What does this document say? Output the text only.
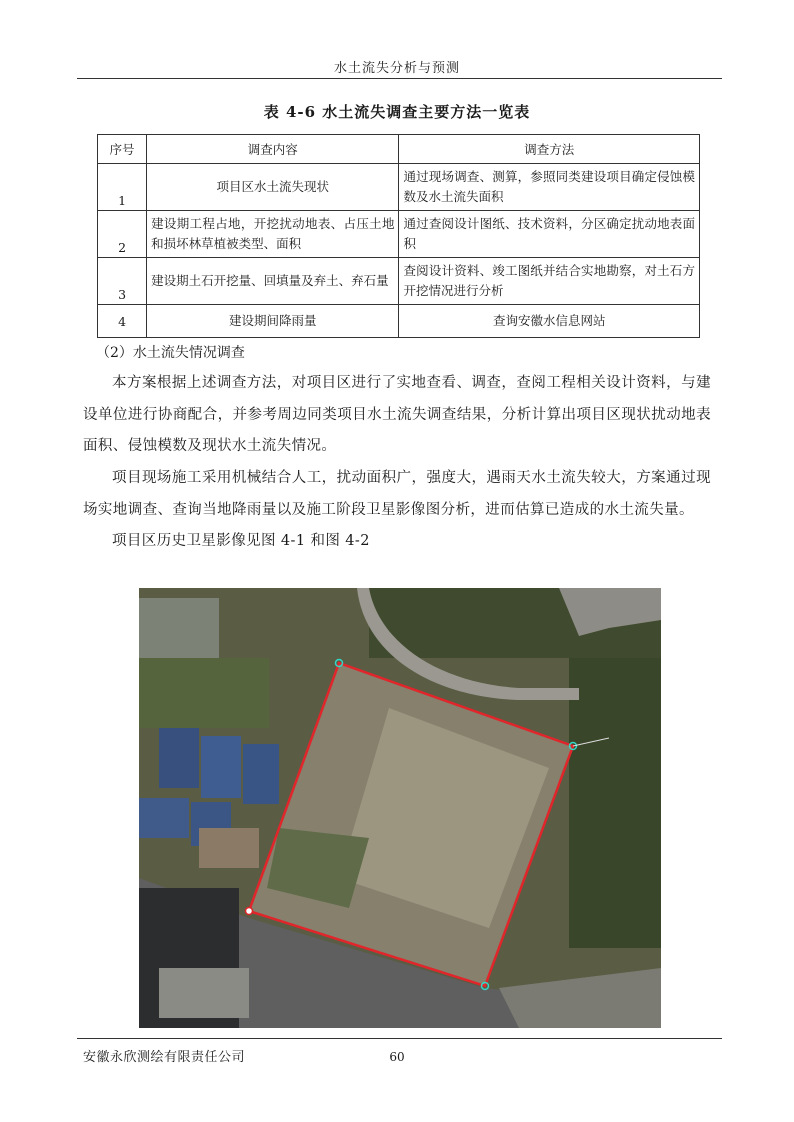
水土流失分析与预测
表 4-6 水土流失调查主要方法一览表
序号	调查内容	调查方法
1	项目区水土流失现状	通过现场调查、测算，参照同类建设项目确定侵蚀模数及水土流失面积
2	建设期工程占地，开挖扰动地表、占压土地和损坏林草植被类型、面积	通过查阅设计图纸、技术资料，分区确定扰动地表面积
3	建设期土石开挖量、回填量及弃土、弃石量	查阅设计资料、竣工图纸并结合实地勘察，对土石方开挖情况进行分析
4	建设期间降雨量	查询安徽水信息网站
（2）水土流失情况调查

本方案根据上述调查方法，对项目区进行了实地查看、调查，查阅工程相关设计资料，与建设单位进行协商配合，并参考周边同类项目水土流失调查结果，分析计算出项目区现状扰动地表面积、侵蚀模数及现状水土流失情况。

项目现场施工采用机械结合人工，扰动面积广，强度大，遇雨天水土流失较大，方案通过现场实地调查、查询当地降雨量以及施工阶段卫星影像图分析，进而估算已造成的水土流失量。

项目区历史卫星影像见图 4-1 和图 4-2

安徽永欣测绘有限责任公司	60
